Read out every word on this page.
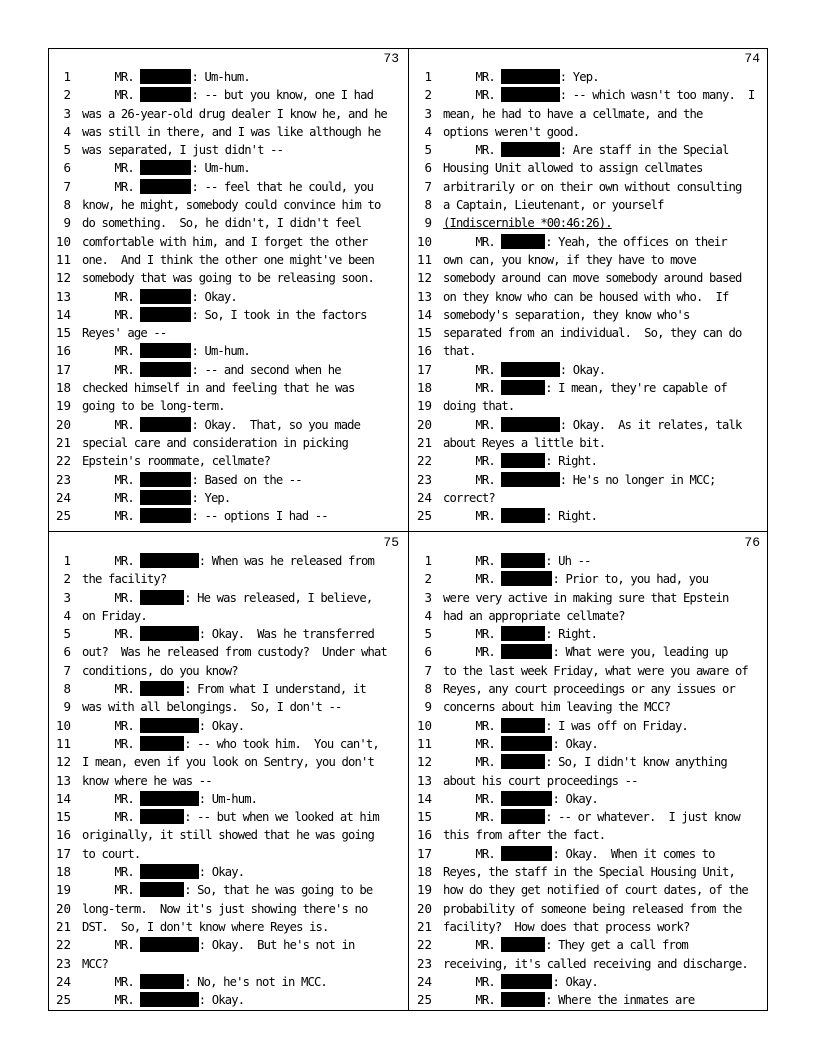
73
1 MR.	: Um-hum.
2 MR.	: -- but you know, one I had
3 was a 26-year-old drug dealer I know he, and he
4 was still in there, and I was like although he
5 was separated, I just didn't --
6 MR.	: Um-hum.
7 MR.	: -- feel that he could, you
8 know, he might, somebody could convince him to
9 do something.  So, he didn't, I didn't feel
10 comfortable with him, and I forget the other
11 one.  And I think the other one might've been
12 somebody that was going to be releasing soon.
13 MR.	: Okay.
14 MR.	: So, I took in the factors
15 Reyes' age --
16 MR.	: Um-hum.
17 MR.	: -- and second when he
18 checked himself in and feeling that he was
19 going to be long-term.
20 MR.	: Okay.  That, so you made
21 special care and consideration in picking
22 Epstein's roommate, cellmate?
23 MR.	: Based on the --
24 MR.	: Yep.
25 MR.	: -- options I had --
74
1 MR.	: Yep.
2 MR.	: -- which wasn't too many.  I
3 mean, he had to have a cellmate, and the
4 options weren't good.
5 MR.	: Are staff in the Special
6 Housing Unit allowed to assign cellmates
7 arbitrarily or on their own without consulting
8 a Captain, Lieutenant, or yourself
9 (Indiscernible *00:46:26).
10 MR.	: Yeah, the offices on their
11 own can, you know, if they have to move
12 somebody around can move somebody around based
13 on they know who can be housed with who.  If
14 somebody's separation, they know who's
15 separated from an individual.  So, they can do
16 that.
17 MR.	: Okay.
18 MR.	: I mean, they're capable of
19 doing that.
20 MR.	: Okay.  As it relates, talk
21 about Reyes a little bit.
22 MR.	: Right.
23 MR.	: He's no longer in MCC;
24 correct?
25 MR.	: Right.
75
1 MR.	: When was he released from
2 the facility?
3 MR.	: He was released, I believe,
4 on Friday.
5 MR.	: Okay.  Was he transferred
6 out?  Was he released from custody?  Under what
7 conditions, do you know?
8 MR.	: From what I understand, it
9 was with all belongings.  So, I don't --
10 MR.	: Okay.
11 MR.	: -- who took him.  You can't,
12 I mean, even if you look on Sentry, you don't
13 know where he was --
14 MR.	: Um-hum.
15 MR.	: -- but when we looked at him
16 originally, it still showed that he was going
17 to court.
18 MR.	: Okay.
19 MR.	: So, that he was going to be
20 long-term.  Now it's just showing there's no
21 DST.  So, I don't know where Reyes is.
22 MR.	: Okay.  But he's not in
23 MCC?
24 MR.	: No, he's not in MCC.
25 MR.	: Okay.
76
1 MR.	: Uh --
2 MR.	: Prior to, you had, you
3 were very active in making sure that Epstein
4 had an appropriate cellmate?
5 MR.	: Right.
6 MR.	: What were you, leading up
7 to the last week Friday, what were you aware of
8 Reyes, any court proceedings or any issues or
9 concerns about him leaving the MCC?
10 MR.	: I was off on Friday.
11 MR.	: Okay.
12 MR.	: So, I didn't know anything
13 about his court proceedings --
14 MR.	: Okay.
15 MR.	: -- or whatever.  I just know
16 this from after the fact.
17 MR.	: Okay.  When it comes to
18 Reyes, the staff in the Special Housing Unit,
19 how do they get notified of court dates, of the
20 probability of someone being released from the
21 facility?  How does that process work?
22 MR.	: They get a call from
23 receiving, it's called receiving and discharge.
24 MR.	: Okay.
25 MR.	: Where the inmates are
